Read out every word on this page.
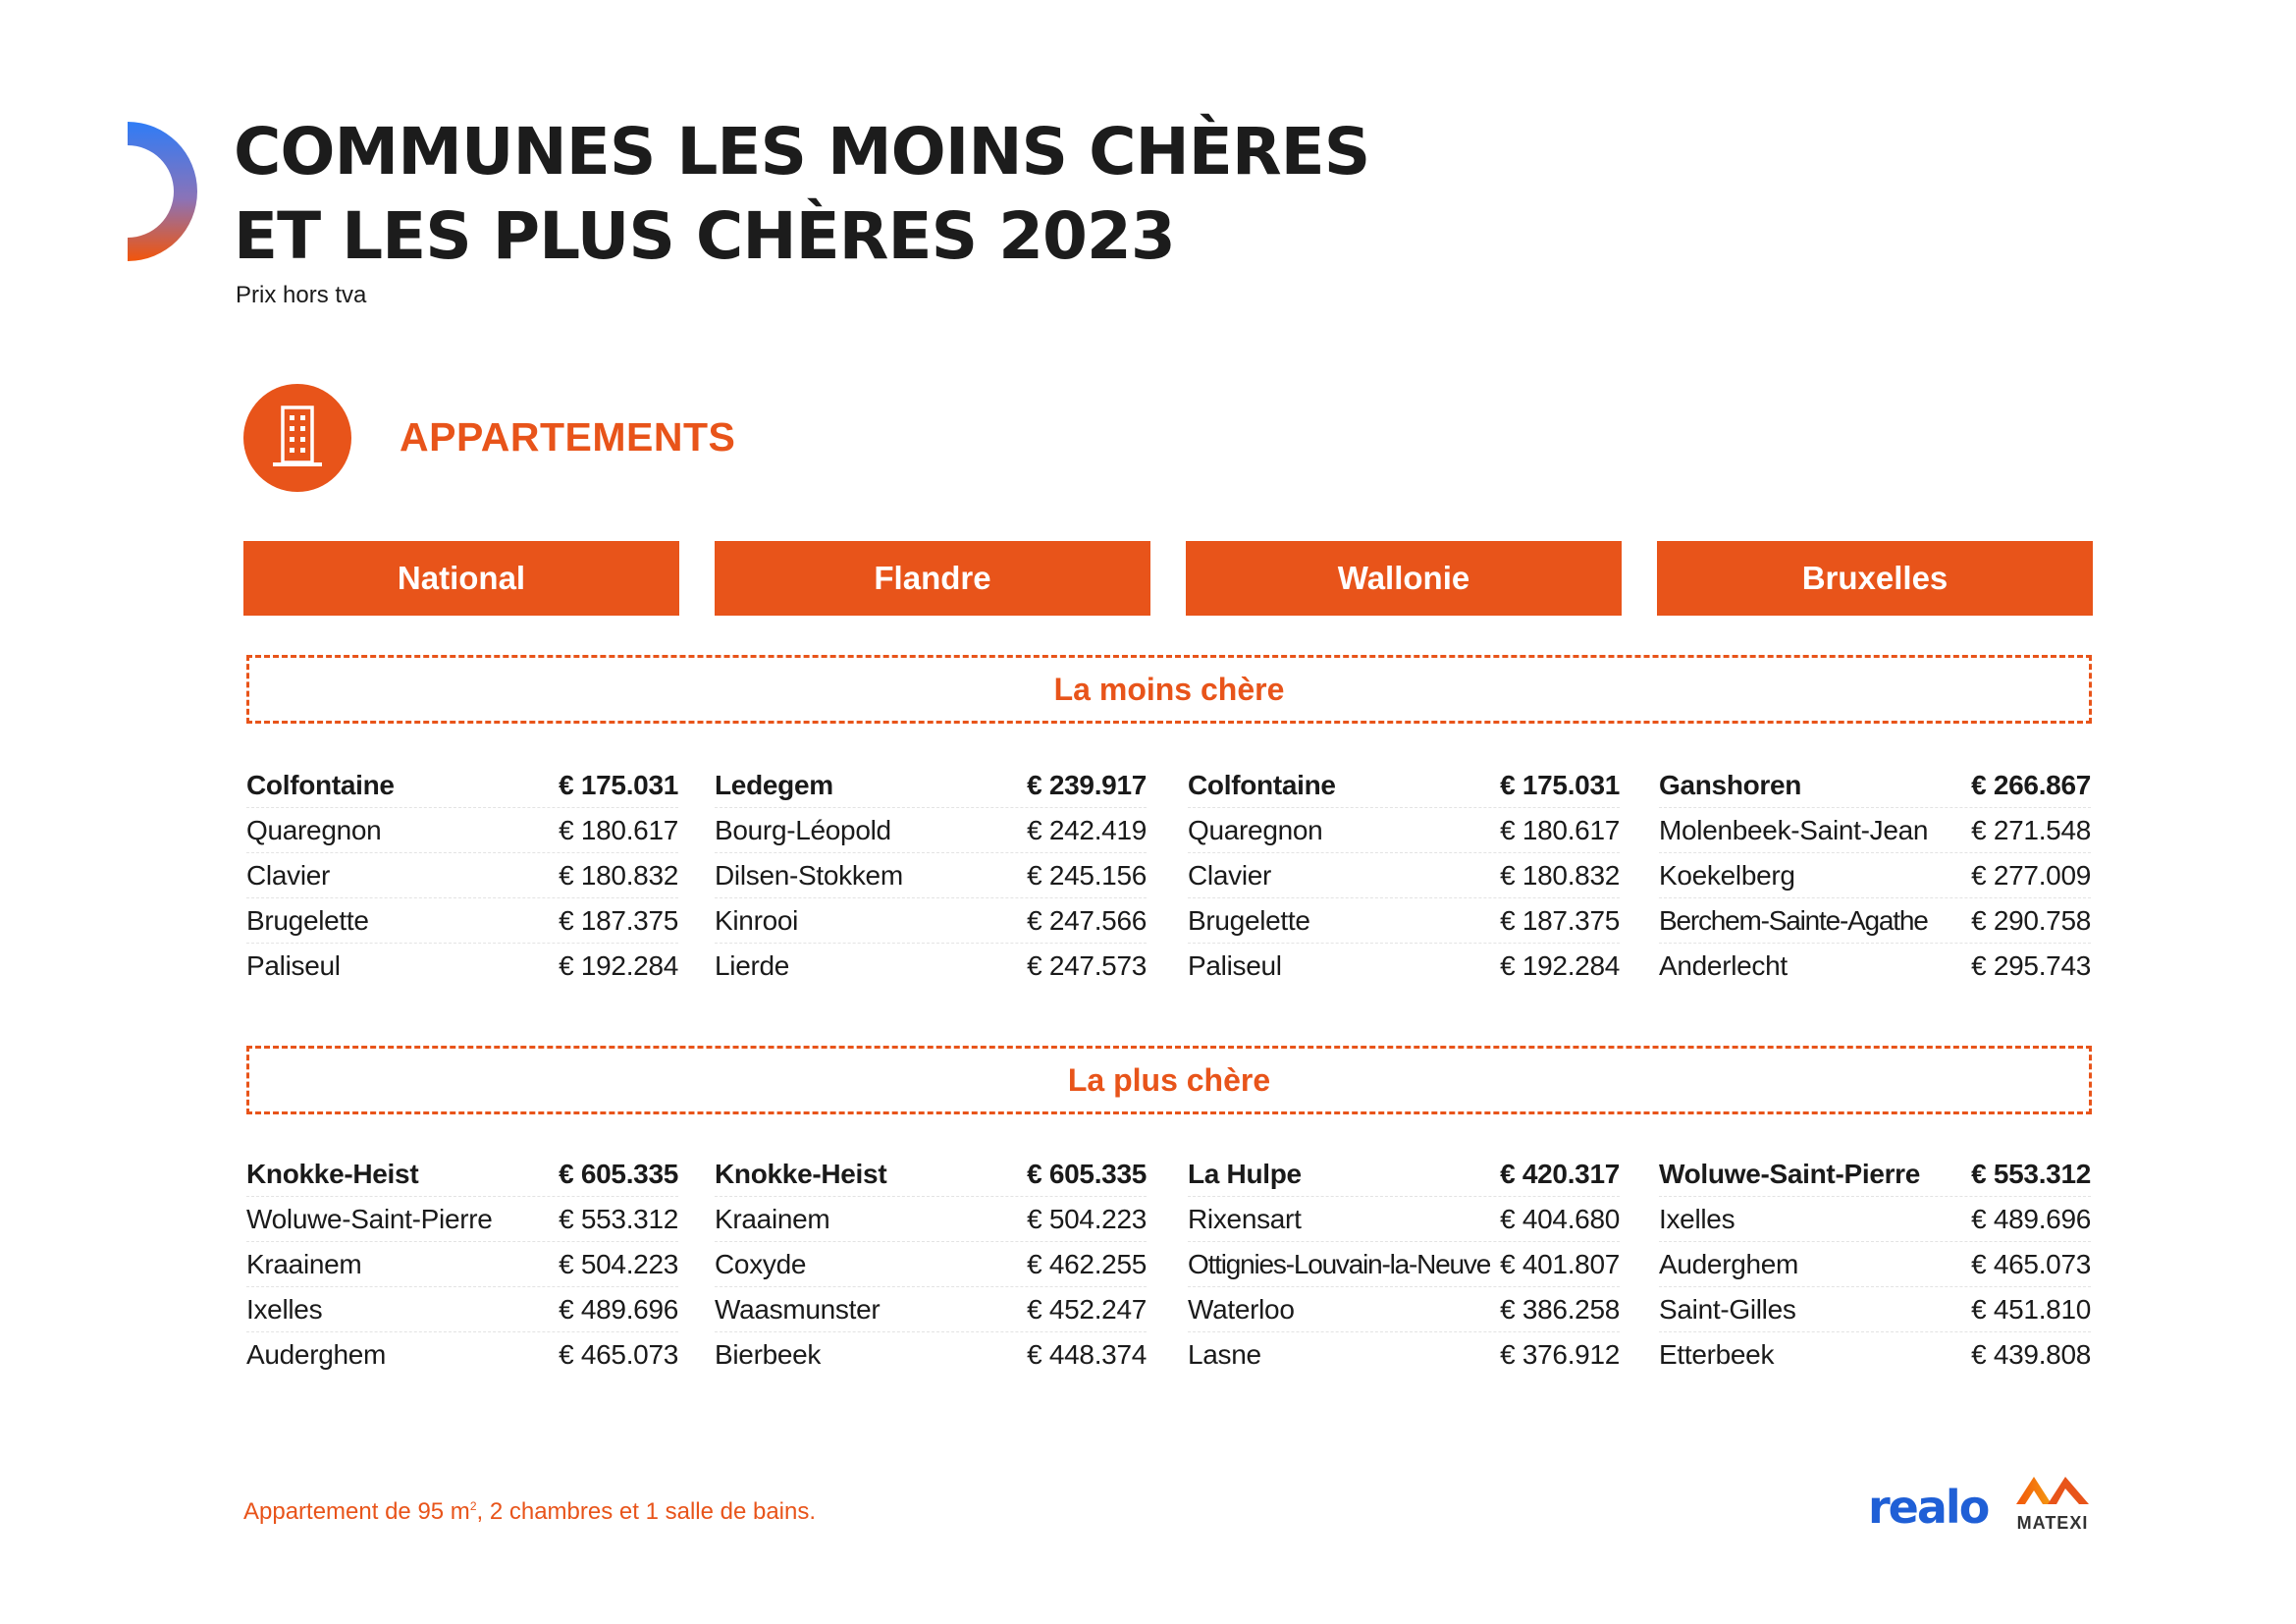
COMMUNES LES MOINS CHÈRES
ET LES PLUS CHÈRES 2023
Prix hors tva
APPARTEMENTS
National	Flandre	Wallonie	Bruxelles
La moins chère
Colfontaine	€ 175.031
Quaregnon	€ 180.617
Clavier	€ 180.832
Brugelette	€ 187.375
Paliseul	€ 192.284
Ledegem	€ 239.917
Bourg-Léopold	€ 242.419
Dilsen-Stokkem	€ 245.156
Kinrooi	€ 247.566
Lierde	€ 247.573
Colfontaine	€ 175.031
Quaregnon	€ 180.617
Clavier	€ 180.832
Brugelette	€ 187.375
Paliseul	€ 192.284
Ganshoren	€ 266.867
Molenbeek-Saint-Jean € 271.548
Koekelberg	€ 277.009
Berchem-Sainte-Agathe € 290.758
Anderlecht	€ 295.743
La plus chère
Knokke-Heist	€ 605.335
Woluwe-Saint-Pierre € 553.312
Kraainem	€ 504.223
Ixelles	€ 489.696
Auderghem	€ 465.073
Knokke-Heist	€ 605.335
Kraainem	€ 504.223
Coxyde	€ 462.255
Waasmunster	€ 452.247
Bierbeek	€ 448.374
La Hulpe	€ 420.317
Rixensart	€ 404.680
Ottignies-Louvain-la-Neuve € 401.807
Waterloo	€ 386.258
Lasne	€ 376.912
Woluwe-Saint-Pierre € 553.312
Ixelles	€ 489.696
Auderghem	€ 465.073
Saint-Gilles	€ 451.810
Etterbeek	€ 439.808
Appartement de 95 $m^2$, 2 chambres et 1 salle de bains.	realo MATEXI
